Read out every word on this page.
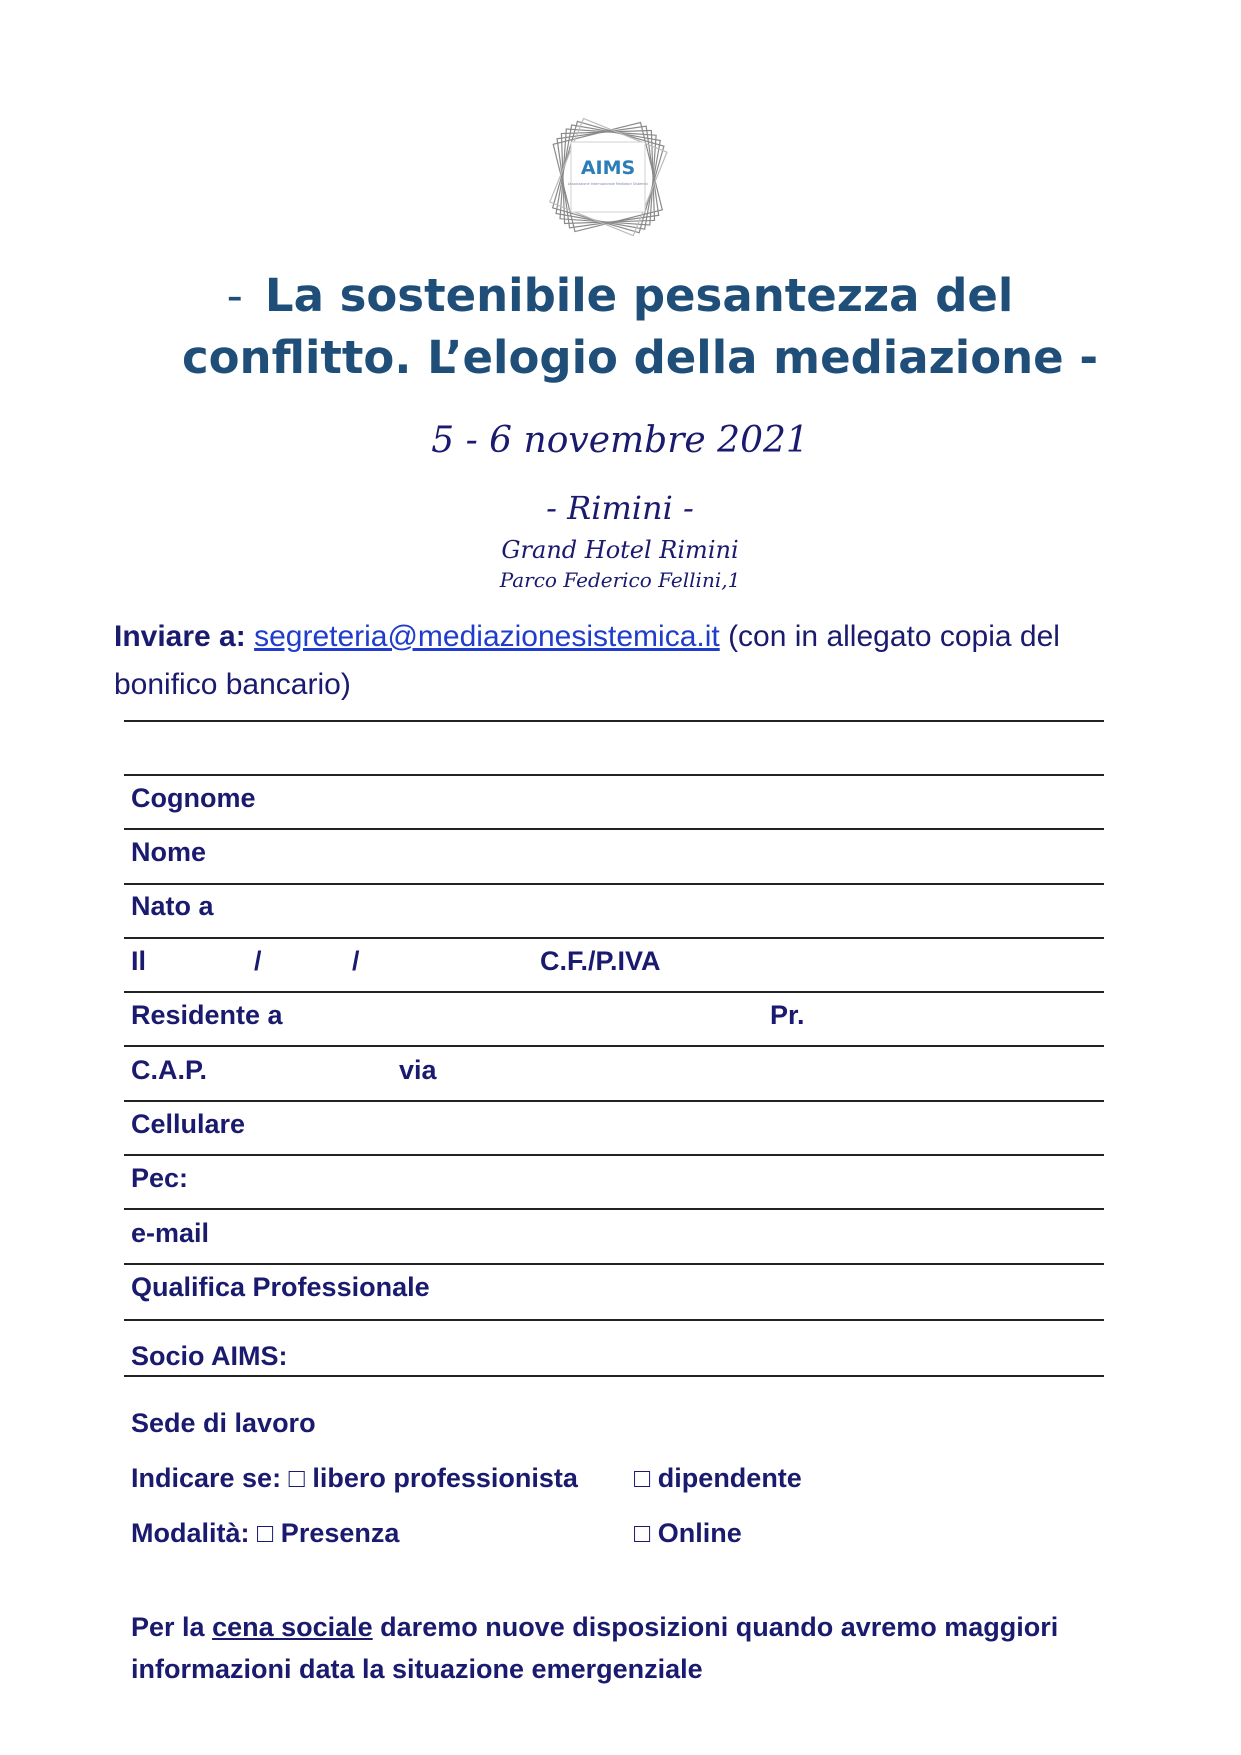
AIMS
Associazione Internazionale Mediatori Sistemici
- La sostenibile pesantezza del
conflitto. L’elogio della mediazione -
5 - 6 novembre 2021
- Rimini -
Grand Hotel Rimini
Parco Federico Fellini,1
Inviare a: segreteria@mediazionesistemica.it (con in allegato copia del bonifico bancario)
Cognome
Nome
Nato a
Il	/	/	C.F./P.IVA
Residente a	Pr.
C.A.P.	via
Cellulare
Pec:
e-mail
Qualifica Professionale
Socio AIMS:
Sede di lavoro
Indicare se: □ libero professionista □ dipendente
Modalità: □ Presenza	□ Online
Per la cena sociale daremo nuove disposizioni quando avremo maggiori informazioni data la situazione emergenziale
